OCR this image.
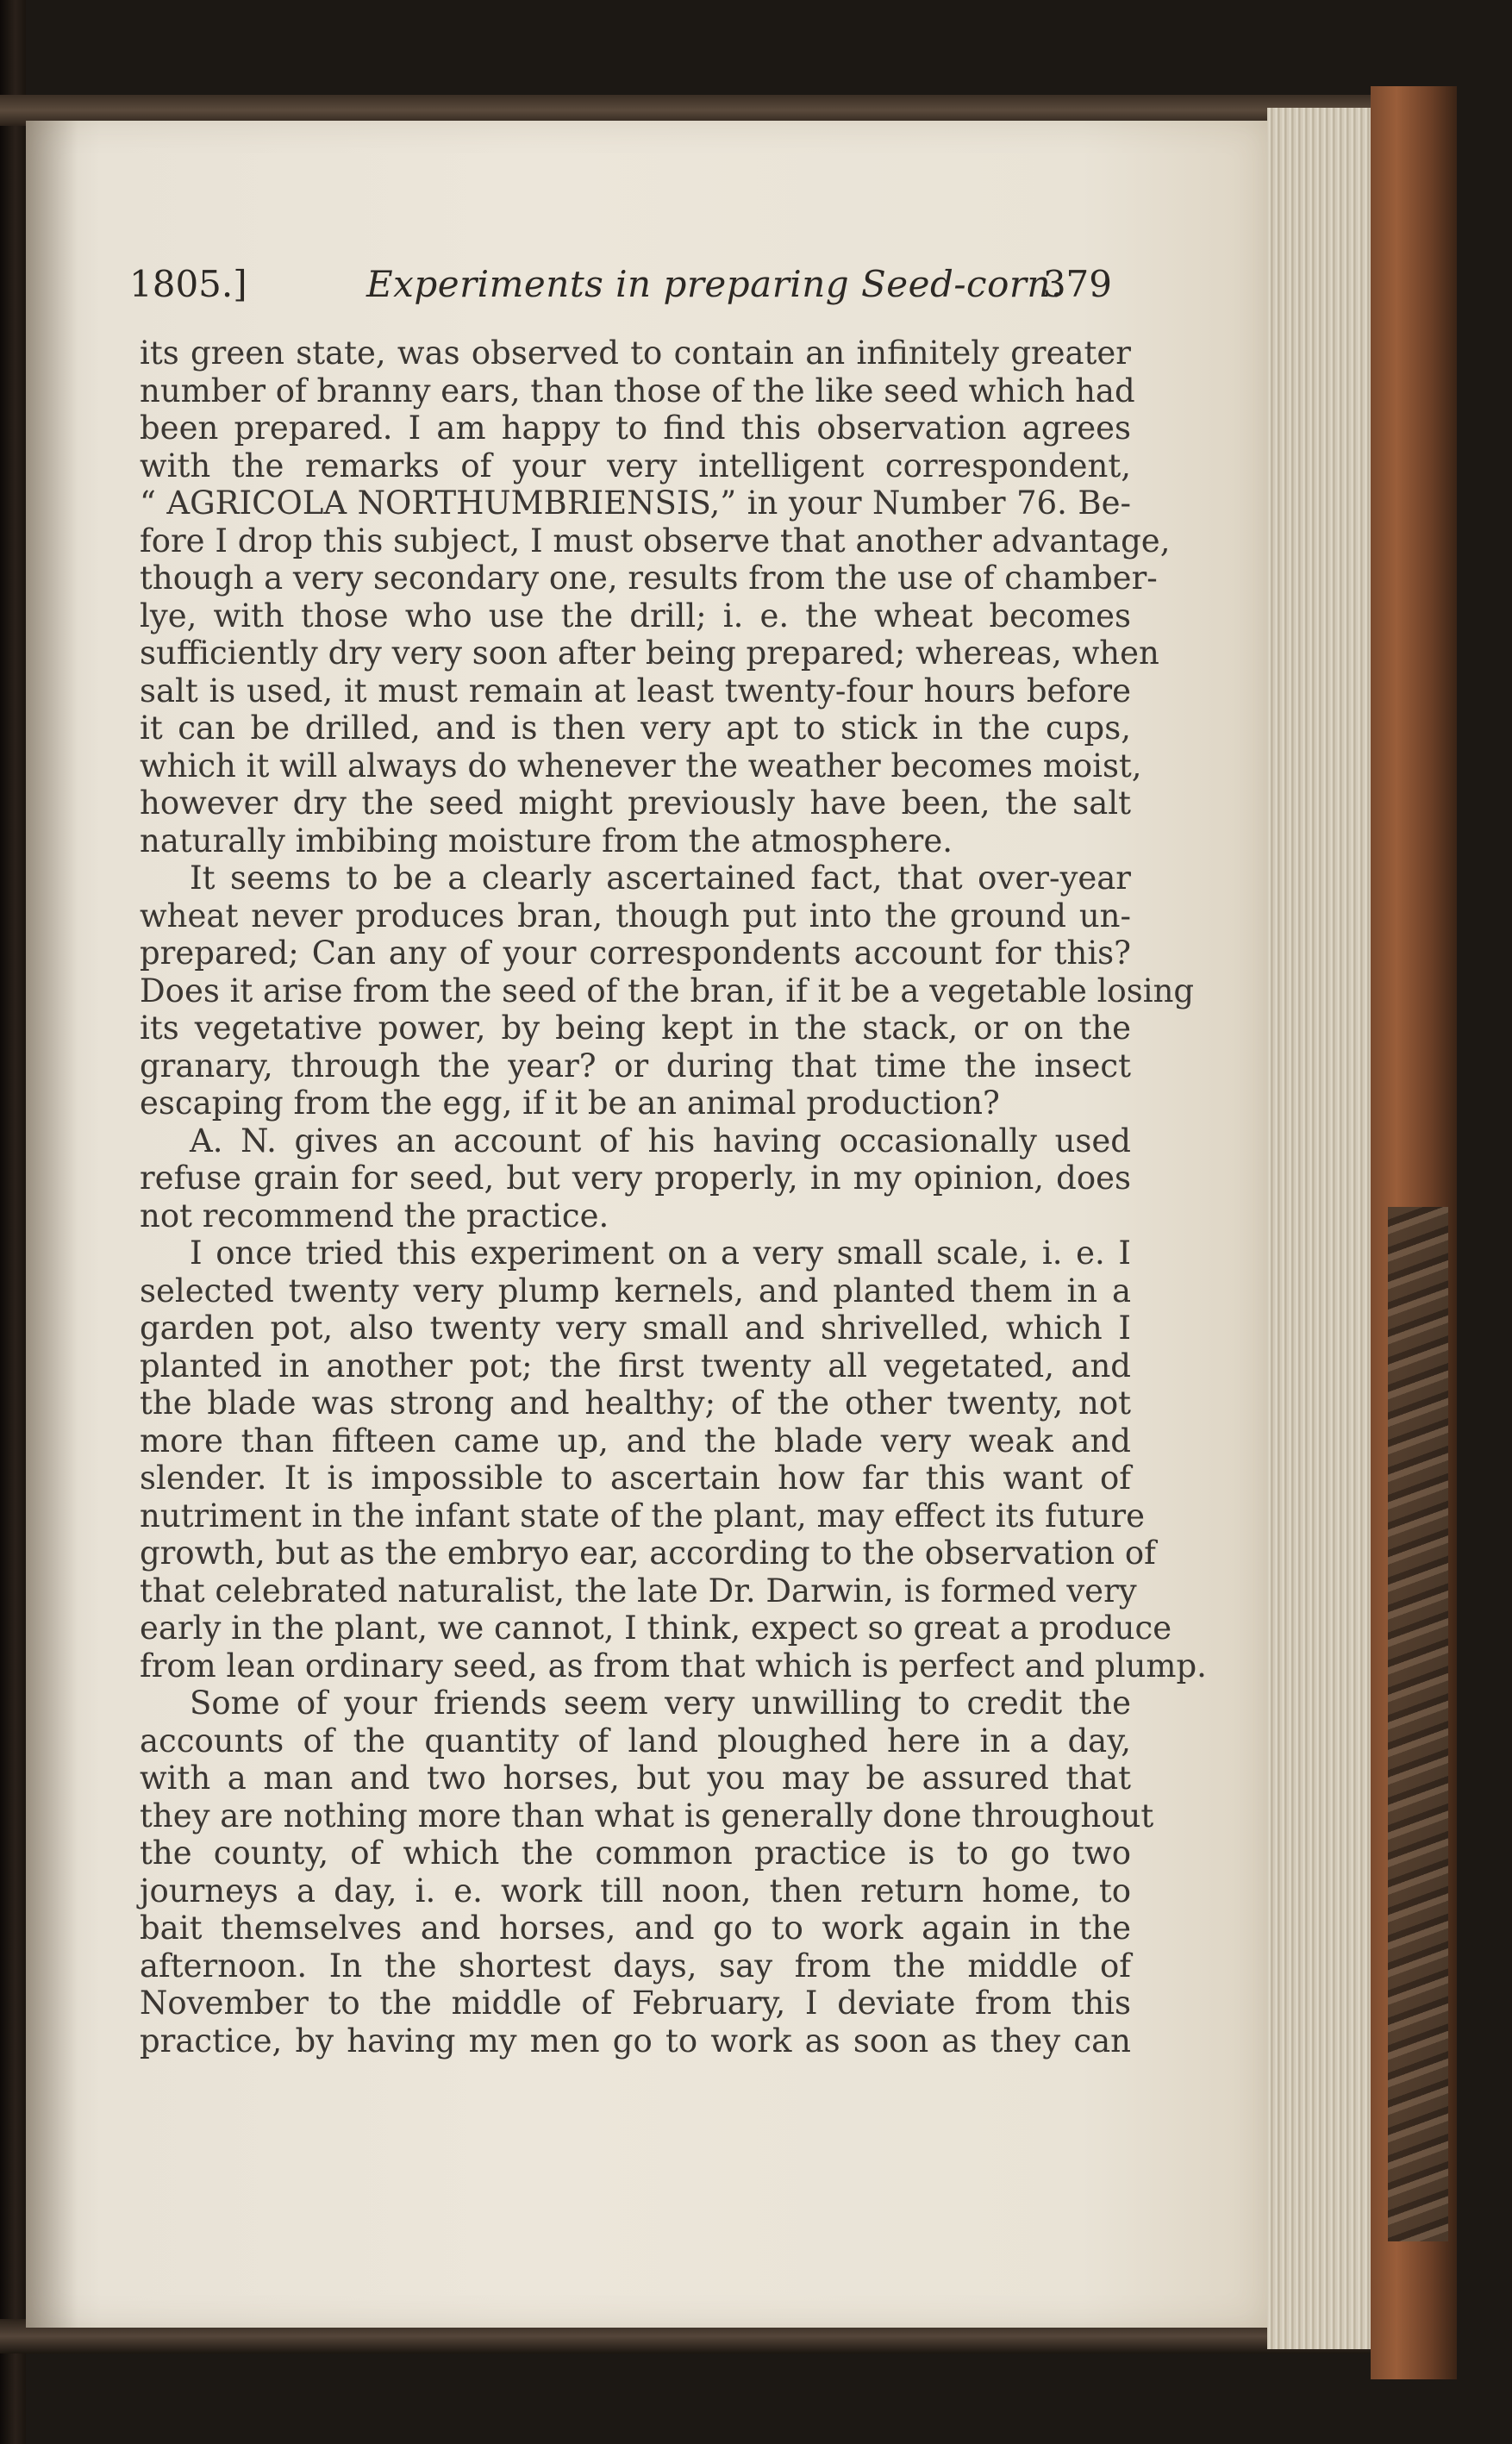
1805.]	Experiments in preparing Seed-corn.
379
its green state, was observed to contain an infinitely greater
number of branny ears, than those of the like seed which had
been prepared. I am happy to find this observation agrees
with the remarks of your very intelligent correspondent,
“ AGRICOLA NORTHUMBRIENSIS,” in your Number 76. Be-
fore I drop this subject, I must observe that another advantage,
though a very secondary one, results from the use of chamber-
lye, with those who use the drill; i. e. the wheat becomes
sufficiently dry very soon after being prepared; whereas, when
salt is used, it must remain at least twenty-four hours before
it can be drilled, and is then very apt to stick in the cups,
which it will always do whenever the weather becomes moist,
however dry the seed might previously have been, the salt
naturally imbibing moisture from the atmosphere.
It seems to be a clearly ascertained fact, that over-year
wheat never produces bran, though put into the ground un-
prepared; Can any of your correspondents account for this?
Does it arise from the seed of the bran, if it be a vegetable losing
its vegetative power, by being kept in the stack, or on the
granary, through the year? or during that time the insect
escaping from the egg, if it be an animal production?
A. N. gives an account of his having occasionally used
refuse grain for seed, but very properly, in my opinion, does
not recommend the practice.
I once tried this experiment on a very small scale, i. e. I
selected twenty very plump kernels, and planted them in a
garden pot, also twenty very small and shrivelled, which I
planted in another pot; the first twenty all vegetated, and
the blade was strong and healthy; of the other twenty, not
more than fifteen came up, and the blade very weak and
slender. It is impossible to ascertain how far this want of
nutriment in the infant state of the plant, may effect its future
growth, but as the embryo ear, according to the observation of
that celebrated naturalist, the late Dr. Darwin, is formed very
early in the plant, we cannot, I think, expect so great a produce
from lean ordinary seed, as from that which is perfect and plump.
Some of your friends seem very unwilling to credit the
accounts of the quantity of land ploughed here in a day,
with a man and two horses, but you may be assured that
they are nothing more than what is generally done throughout
the county, of which the common practice is to go two
journeys a day, i. e. work till noon, then return home, to
bait themselves and horses, and go to work again in the
afternoon. In the shortest days, say from the middle of
November to the middle of February, I deviate from this
practice, by having my men go to work as soon as they can
